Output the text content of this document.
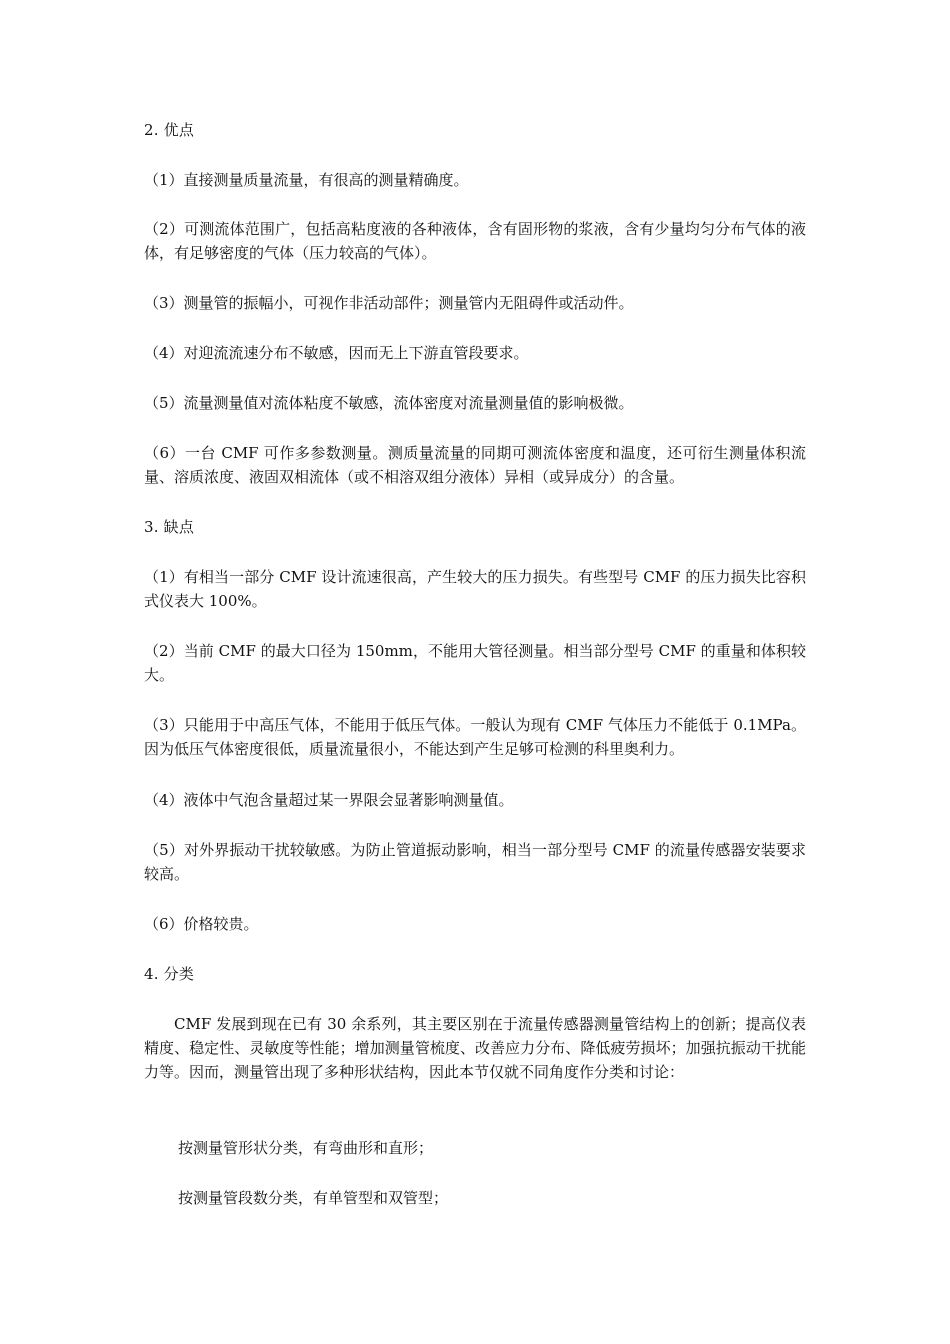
2. 优点

（1）直接测量质量流量，有很高的测量精确度。

（2）可测流体范围广，包括高粘度液的各种液体，含有固形物的浆液，含有少量均匀分布气体的液体，有足够密度的气体（压力较高的气体）。

（3）测量管的振幅小，可视作非活动部件；测量管内无阻碍件或活动件。

（4）对迎流流速分布不敏感，因而无上下游直管段要求。

（5）流量测量值对流体粘度不敏感，流体密度对流量测量值的影响极微。

（6）一台 CMF 可作多参数测量。测质量流量的同期可测流体密度和温度，还可衍生测量体积流量、溶质浓度、液固双相流体（或不相溶双组分液体）异相（或异成分）的含量。

3. 缺点

（1）有相当一部分 CMF 设计流速很高，产生较大的压力损失。有些型号 CMF 的压力损失比容积式仪表大 100%。

（2）当前 CMF 的最大口径为 150mm，不能用大管径测量。相当部分型号 CMF 的重量和体积较大。

（3）只能用于中高压气体，不能用于低压气体。一般认为现有 CMF 气体压力不能低于 0.1MPa。因为低压气体密度很低，质量流量很小，不能达到产生足够可检测的科里奥利力。

（4）液体中气泡含量超过某一界限会显著影响测量值。

（5）对外界振动干扰较敏感。为防止管道振动影响，相当一部分型号 CMF 的流量传感器安装要求较高。

（6）价格较贵。

4. 分类

CMF 发展到现在已有 30 余系列，其主要区别在于流量传感器测量管结构上的创新；提高仪表精度、稳定性、灵敏度等性能；增加测量管梳度、改善应力分布、降低疲劳损坏；加强抗振动干扰能力等。因而，测量管出现了多种形状结构，因此本节仅就不同角度作分类和讨论：

按测量管形状分类，有弯曲形和直形；

按测量管段数分类，有单管型和双管型；
